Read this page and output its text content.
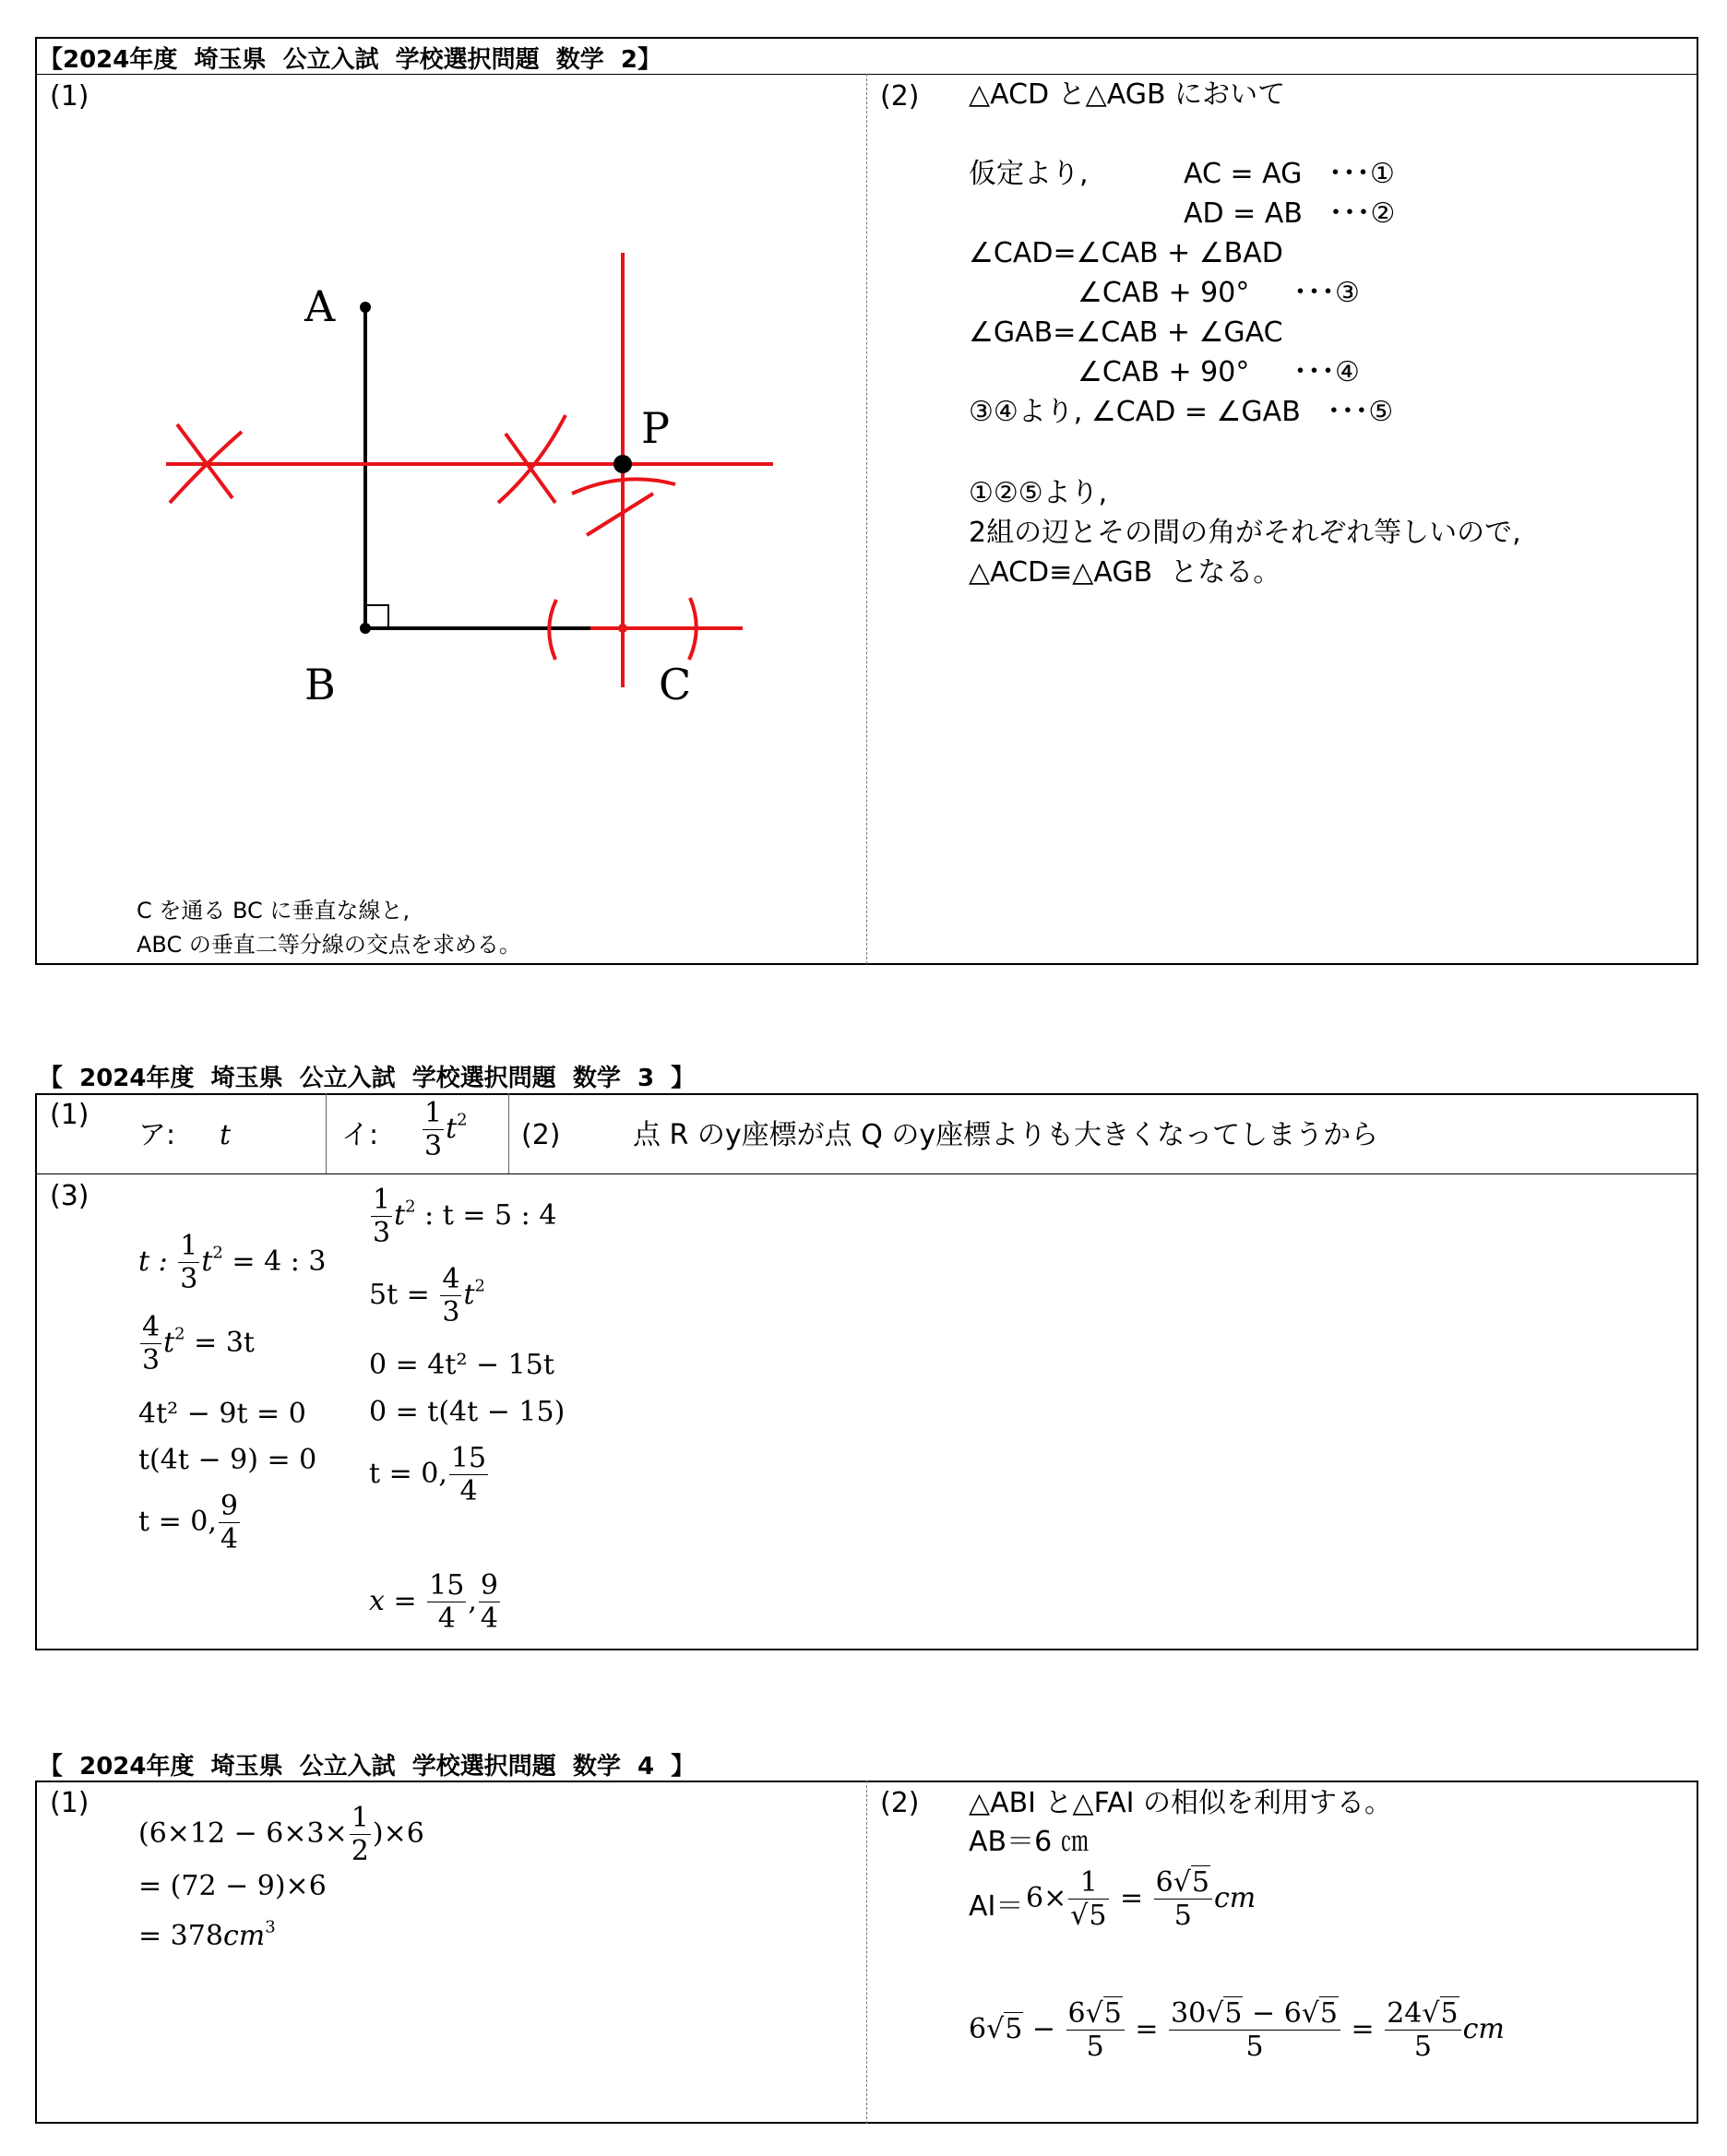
【2024年度  埼玉県  公立入試  学校選択問題  数学  2】
(1)	(2)
A
B	C
P
C を通る BC に垂直な線と,
ABC の垂直二等分線の交点を求める。
△ACD と△AGB において
仮定より,	AC = AG   ･･･①
AD = AB   ･･･②
∠CAD=∠CAB + ∠BAD
∠CAB + 90°     ･･･③
∠GAB=∠CAB + ∠GAC
∠CAB + 90°     ･･･④
③④より, ∠CAD = ∠GAB   ･･･⑤
①②⑤より,
2組の辺とその間の角がそれぞれ等しいので,
△ACD≡△AGB  となる。
【  2024年度  埼玉県  公立入試  学校選択問題  数学  3  】
(1)
ア: t	イ: $\frac{1}{3} t^2$ (2)	点 R のy座標が点 Q のy座標よりも大きくなってしまうから
(3)
t : $\frac{1}{3} t^2 = 4$ : 3
$\frac{4}{3} t^2 = 3t$
4t² − 9t = 0
t(4t − 9) = 0
t = 0, $\frac{9}{4}$
$\frac{1}{3} t^2$ : t = 5 : 4
$5t = \frac{4}{3} t^2$
0 = 4t² − 15t
0 = t(4t − 15)
t = 0, $\frac{15}{4}$
$x = \frac{15}{4}$ , $\frac{9}{4}$
【  2024年度  埼玉県  公立入試  学校選択問題  数学  4  】
(1)
$(6\times 12 - 6\times 3\times \frac{1}{2} )\times 6$
= (72 − 9)×6
= $378cm^3$
(2) △ABI と△FAI の相似を利用する。
AB＝6 ㎝
$AI= 6\times \frac{1}{√5} = \frac{6√5}{5}$ cm
$6√5 - \frac{6√5}{5} = \frac{30√5 - 6√5}{5} = \frac{24√5}{5}$ cm
